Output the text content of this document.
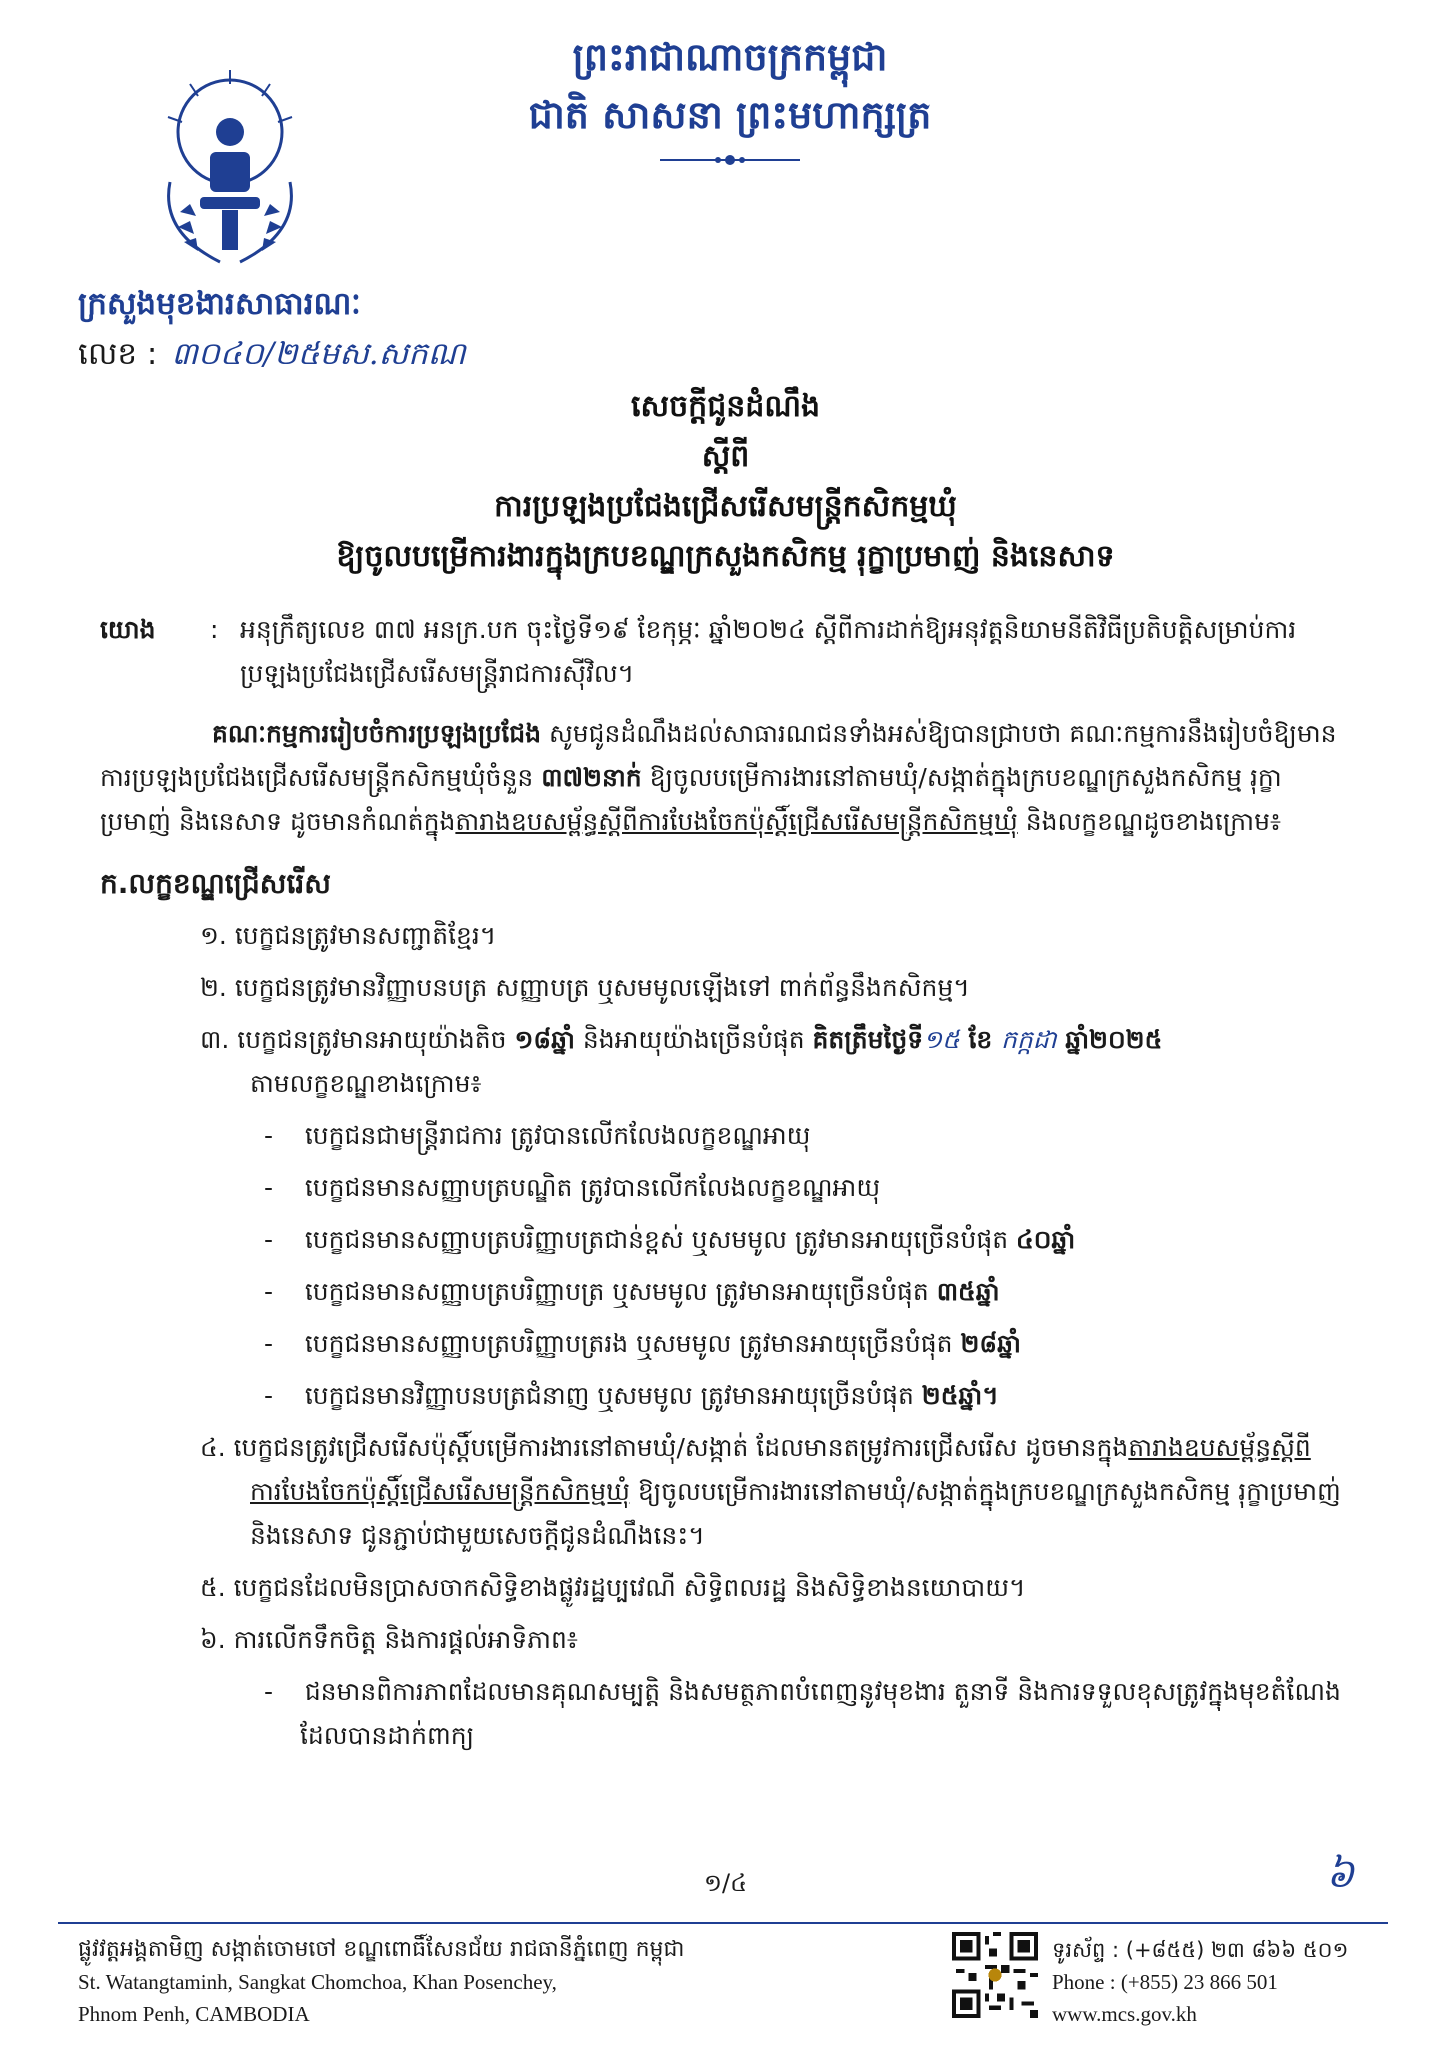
ព្រះរាជាណាចក្រកម្ពុជា
ជាតិ សាសនា ព្រះមហាក្សត្រ
ក្រសួងមុខងារសាធារណៈ
លេខ : ៣០៤០/២៥មស.សកណ
សេចក្តីជូនដំណឹង
ស្តីពី
ការប្រឡងប្រជែងជ្រើសរើសមន្ត្រីកសិកម្មឃុំ
ឱ្យចូលបម្រើការងារក្នុងក្របខណ្ឌក្រសួងកសិកម្ម រុក្ខាប្រមាញ់ និងនេសាទ
យោង	: អនុក្រឹត្យលេខ ៣៧ អនក្រ.បក ចុះថ្ងៃទី១៩ ខែកុម្ភៈ ឆ្នាំ២០២៤ ស្តីពីការដាក់ឱ្យអនុវត្តនិយាមនីតិវិធីប្រតិបត្តិសម្រាប់ការប្រឡងប្រជែងជ្រើសរើសមន្ត្រីរាជការស៊ីវិល។

គណៈកម្មការរៀបចំការប្រឡងប្រជែង សូមជូនដំណឹងដល់សាធារណជនទាំងអស់ឱ្យបានជ្រាបថា គណៈកម្មការនឹងរៀបចំឱ្យមានការប្រឡងប្រជែងជ្រើសរើសមន្ត្រីកសិកម្មឃុំចំនួន ៣៧២នាក់ ឱ្យចូលបម្រើការងារនៅតាមឃុំ/សង្កាត់ក្នុងក្របខណ្ឌក្រសួងកសិកម្ម រុក្ខាប្រមាញ់ និងនេសាទ ដូចមានកំណត់ក្នុងតារាងឧបសម្ព័ន្ធស្តីពីការបែងចែកប៉ុស្តិ៍ជ្រើសរើសមន្ត្រីកសិកម្មឃុំ និងលក្ខខណ្ឌដូចខាងក្រោម៖

ក.លក្ខខណ្ឌជ្រើសរើស

១. បេក្ខជនត្រូវមានសញ្ជាតិខ្មែរ។

២. បេក្ខជនត្រូវមានវិញ្ញាបនបត្រ សញ្ញាបត្រ ឬសមមូលឡើងទៅ ពាក់ព័ន្ធនឹងកសិកម្ម។

៣. បេក្ខជនត្រូវមានអាយុយ៉ាងតិច ១៨ឆ្នាំ និងអាយុយ៉ាងច្រើនបំផុត គិតត្រឹមថ្ងៃទី១៥ ខែ កក្កដា ឆ្នាំ២០២៥
តាមលក្ខខណ្ឌខាងក្រោម៖

-    បេក្ខជនជាមន្ត្រីរាជការ ត្រូវបានលើកលែងលក្ខខណ្ឌអាយុ

-    បេក្ខជនមានសញ្ញាបត្របណ្ឌិត ត្រូវបានលើកលែងលក្ខខណ្ឌអាយុ

-    បេក្ខជនមានសញ្ញាបត្របរិញ្ញាបត្រជាន់ខ្ពស់ ឬសមមូល ត្រូវមានអាយុច្រើនបំផុត ៤០ឆ្នាំ

-    បេក្ខជនមានសញ្ញាបត្របរិញ្ញាបត្រ ឬសមមូល ត្រូវមានអាយុច្រើនបំផុត ៣៥ឆ្នាំ

-    បេក្ខជនមានសញ្ញាបត្របរិញ្ញាបត្ររង ឬសមមូល ត្រូវមានអាយុច្រើនបំផុត ២៨ឆ្នាំ

-    បេក្ខជនមានវិញ្ញាបនបត្រជំនាញ ឬសមមូល ត្រូវមានអាយុច្រើនបំផុត ២៥ឆ្នាំ។

៤. បេក្ខជនត្រូវជ្រើសរើសប៉ុស្តិ៍បម្រើការងារនៅតាមឃុំ/សង្កាត់ ដែលមានតម្រូវការជ្រើសរើស ដូចមានក្នុងតារាងឧបសម្ព័ន្ធស្តីពីការបែងចែកប៉ុស្តិ៍ជ្រើសរើសមន្ត្រីកសិកម្មឃុំ ឱ្យចូលបម្រើការងារនៅតាមឃុំ/សង្កាត់ក្នុងក្របខណ្ឌក្រសួងកសិកម្ម រុក្ខាប្រមាញ់ និងនេសាទ ជូនភ្ជាប់ជាមួយសេចក្តីជូនដំណឹងនេះ។

៥. បេក្ខជនដែលមិនប្រាសចាកសិទ្ធិខាងផ្លូវរដ្ឋប្បវេណី សិទ្ធិពលរដ្ឋ និងសិទ្ធិខាងនយោបាយ។

៦. ការលើកទឹកចិត្ត និងការផ្តល់អាទិភាព៖

-    ជនមានពិការភាពដែលមានគុណសម្បត្តិ និងសមត្ថភាពបំពេញនូវមុខងារ តួនាទី និងការទទួលខុសត្រូវក្នុងមុខតំណែងដែលបានដាក់ពាក្យ

១/៤	៦
ផ្លូវវត្តអង្គតាមិញ សង្កាត់ចោមចៅ ខណ្ឌពោធិ៍សែនជ័យ រាជធានីភ្នំពេញ កម្ពុជា
St. Watangtaminh, Sangkat Chomchoa, Khan Posenchey,
Phnom Penh, CAMBODIA
ទូរស័ព្ទ : (+៨៥៥) ២៣ ៨៦៦ ៥០១
Phone : (+855) 23 866 501
www.mcs.gov.kh
